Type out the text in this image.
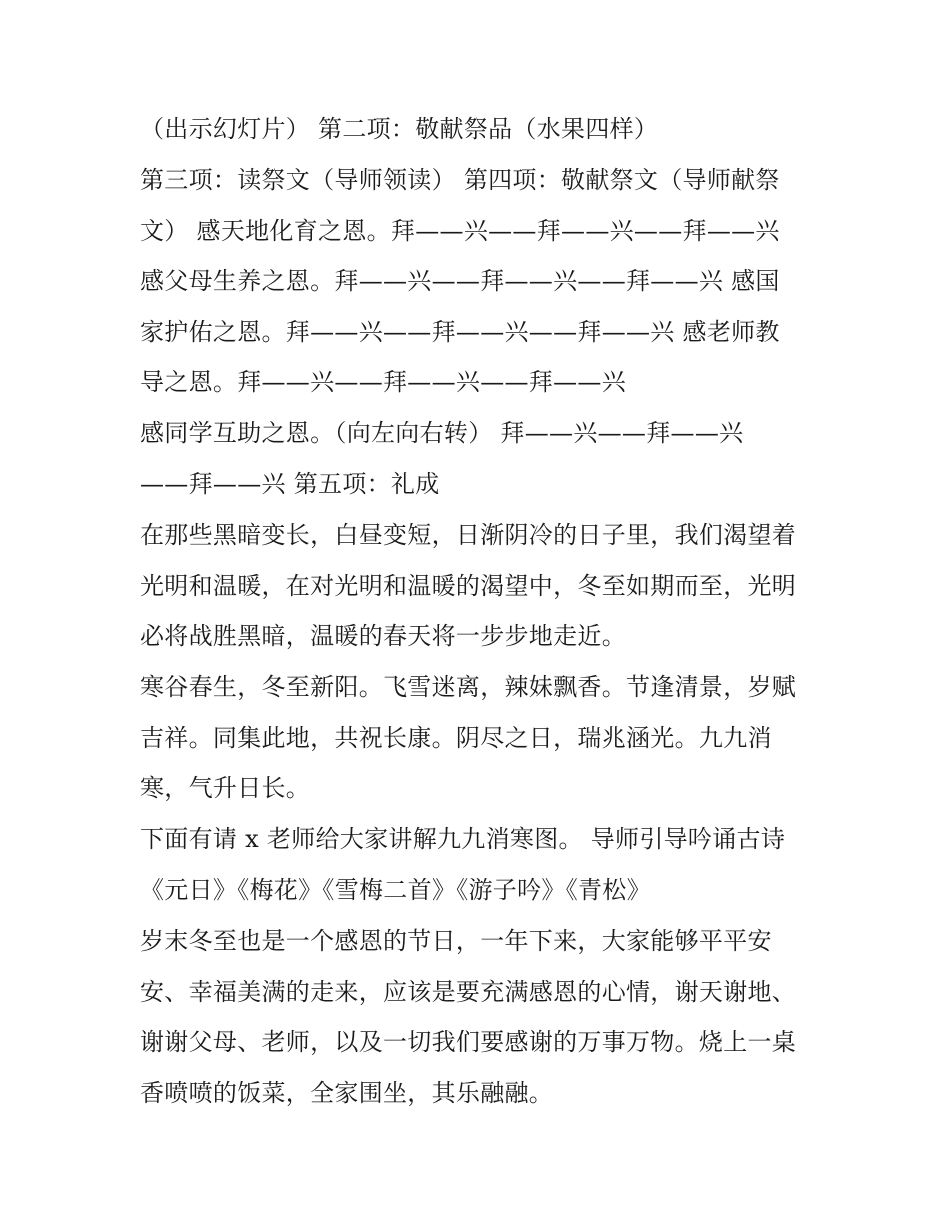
（出示幻灯片） 第二项：敬献祭品（水果四样）

第三项：读祭文（导师领读） 第四项：敬献祭文（导师献祭

文） 感天地化育之恩。拜——兴——拜——兴——拜——兴

感父母生养之恩。拜——兴——拜——兴——拜——兴 感国

家护佑之恩。拜——兴——拜——兴——拜——兴 感老师教

导之恩。拜——兴——拜——兴——拜——兴

感同学互助之恩。（向左向右转） 拜——兴——拜——兴

——拜——兴 第五项：礼成

在那些黑暗变长，白昼变短，日渐阴冷的日子里，我们渴望着

光明和温暖，在对光明和温暖的渴望中，冬至如期而至，光明

必将战胜黑暗，温暖的春天将一步步地走近。

寒谷春生，冬至新阳。飞雪迷离，辣妹飘香。节逢清景，岁赋

吉祥。同集此地，共祝长康。阴尽之日，瑞兆涵光。九九消

寒，气升日长。

下面有请 x 老师给大家讲解九九消寒图。 导师引导吟诵古诗

《元日》《梅花》《雪梅二首》《游子吟》《青松》

岁末冬至也是一个感恩的节日，一年下来，大家能够平平安

安、幸福美满的走来，应该是要充满感恩的心情，谢天谢地、

谢谢父母、老师，以及一切我们要感谢的万事万物。烧上一桌

香喷喷的饭菜，全家围坐，其乐融融。
